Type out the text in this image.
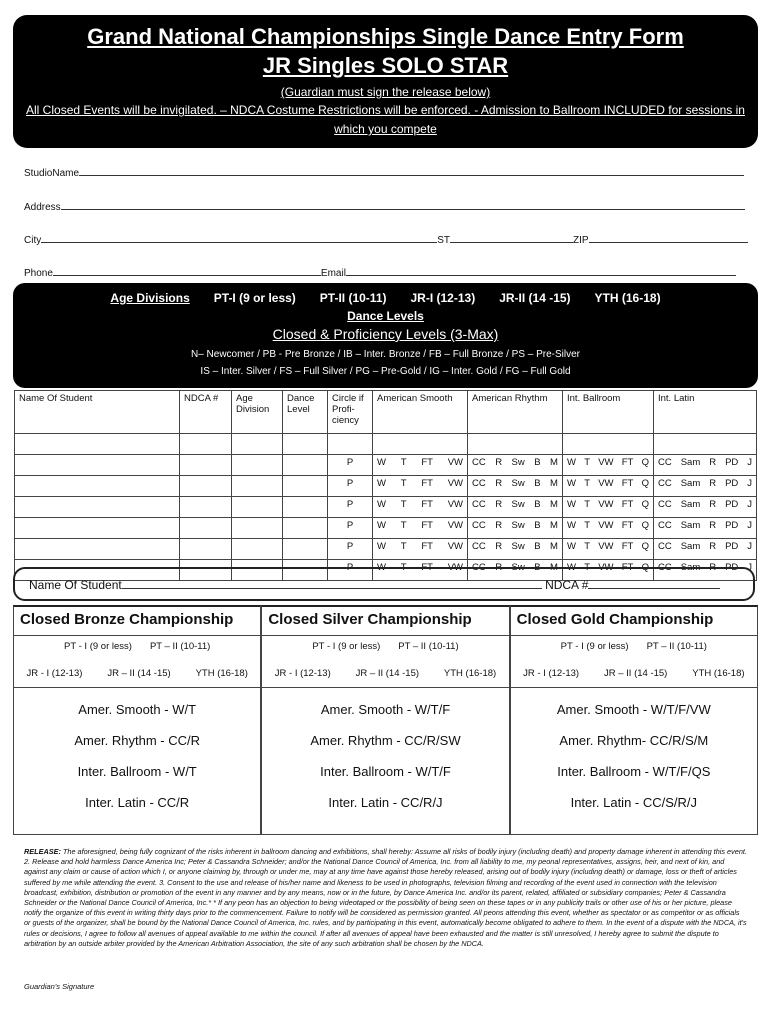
Grand National Championships Single Dance Entry Form
JR Singles SOLO STAR
(Guardian must sign the release below)
All Closed Events will be invigilated. – NDCA Costume Restrictions will be enforced. - Admission to Ballroom INCLUDED for sessions in which you compete
StudioName
Address
City	ST	ZIP
Phone	Email
Age Divisions PT-I (9 or less) PT-II (10-11) JR-I (12-13) JR-II (14 -15) YTH (16-18)
Dance Levels
Closed & Proficiency Levels (3-Max)
N– Newcomer / PB - Pre Bronze / IB – Inter. Bronze / FB – Full Bronze / PS – Pre-Silver
IS – Inter. Silver / FS – Full Silver / PG – Pre-Gold / IG – Inter. Gold / FG – Full Gold
Name Of Student	NDCA #	Age Division	Dance Level	Circle if Profi- ciency	American Smooth	American Rhythm	Int. Ballroom	Int. Latin

				P	W T FT VW	CC R Sw B M	W T VW FT Q	CC Sam R PD J

				P	W T FT VW	CC R Sw B M	W T VW FT Q	CC Sam R PD J

				P	W T FT VW	CC R Sw B M	W T VW FT Q	CC Sam R PD J

				P	W T FT VW	CC R Sw B M	W T VW FT Q	CC Sam R PD J

				P	W T FT VW	CC R Sw B M	W T VW FT Q	CC Sam R PD J

				P	W T FT VW	CC R Sw B M	W T VW FT Q	CC Sam R PD J
Name Of Student	NDCA #
Closed Bronze Championship
PT - I (9 or less) PT – II (10-11)
JR - I (12-13)	JR – II (14 -15)	YTH (16-18)
Amer. Smooth - W/T
Amer. Rhythm - CC/R
Inter. Ballroom - W/T
Inter. Latin - CC/R
Closed Silver Championship
PT - I (9 or less) PT – II (10-11)
JR - I (12-13)	JR – II (14 -15)	YTH (16-18)
Amer. Smooth - W/T/F
Amer. Rhythm - CC/R/SW
Inter. Ballroom - W/T/F
Inter. Latin - CC/R/J
Closed Gold Championship
PT - I (9 or less) PT – II (10-11)
JR - I (12-13)	JR – II (14 -15)	YTH (16-18)
Amer. Smooth - W/T/F/VW
Amer. Rhythm- CC/R/S/M
Inter. Ballroom - W/T/F/QS
Inter. Latin - CC/S/R/J
RELEASE: The aforesigned, being fully cognizant of the risks inherent in ballroom dancing and exhibitions, shall hereby: Assume all risks of bodily injury (including death) and property damage inherent in attending this event. 2. Release and hold harmless Dance America Inc; Peter & Cassandra Schneider; and/or the National Dance Council of America, Inc. from all liability to me, my peonal representatives, assigns, heir, and next of kin, and against any claim or cause of action which I, or anyone claiming by, through or under me, may at any time have against those hereby released, arising out of bodily injury (including death) or damage, loss or theft of articles suffered by me while attending the event. 3. Consent to the use and release of his/her name and likeness to be used in photographs, television filming and recording of the event used in connection with the television broadcast, exhibition, distribution or promotion of the event in any manner and by any means, now or in the future, by Dance America Inc. and/or its parent, related, affiliated or subsidiary companies; Peter & Cassandra Schneider or the National Dance Council of America, Inc.* * If any peon has an objection to being videotaped or the possibility of being seen on these tapes or in any publicity trails or other use of his or her picture, please notify the organize of this event in writing thirty days prior to the commencement. Failure to notify will be considered as permission granted. All peons attending this event, whether as spectator or as competitor or as officials or guests of the organizer, shall be bound by the National Dance Council of America, Inc. rules, and by participating in this event, automatically become obligated to adhere to them. In the event of a dispute with the NDCA, it's rules or decisions, I agree to follow all avenues of appeal available to me within the council. If after all avenues of appeal have been exhausted and the matter is still unresolved, I hereby agree to submit the dispute to arbitration by an outside arbiter provided by the American Arbitration Association, the site of any such arbitration shall be chosen by the NDCA.
Guardian's Signature
